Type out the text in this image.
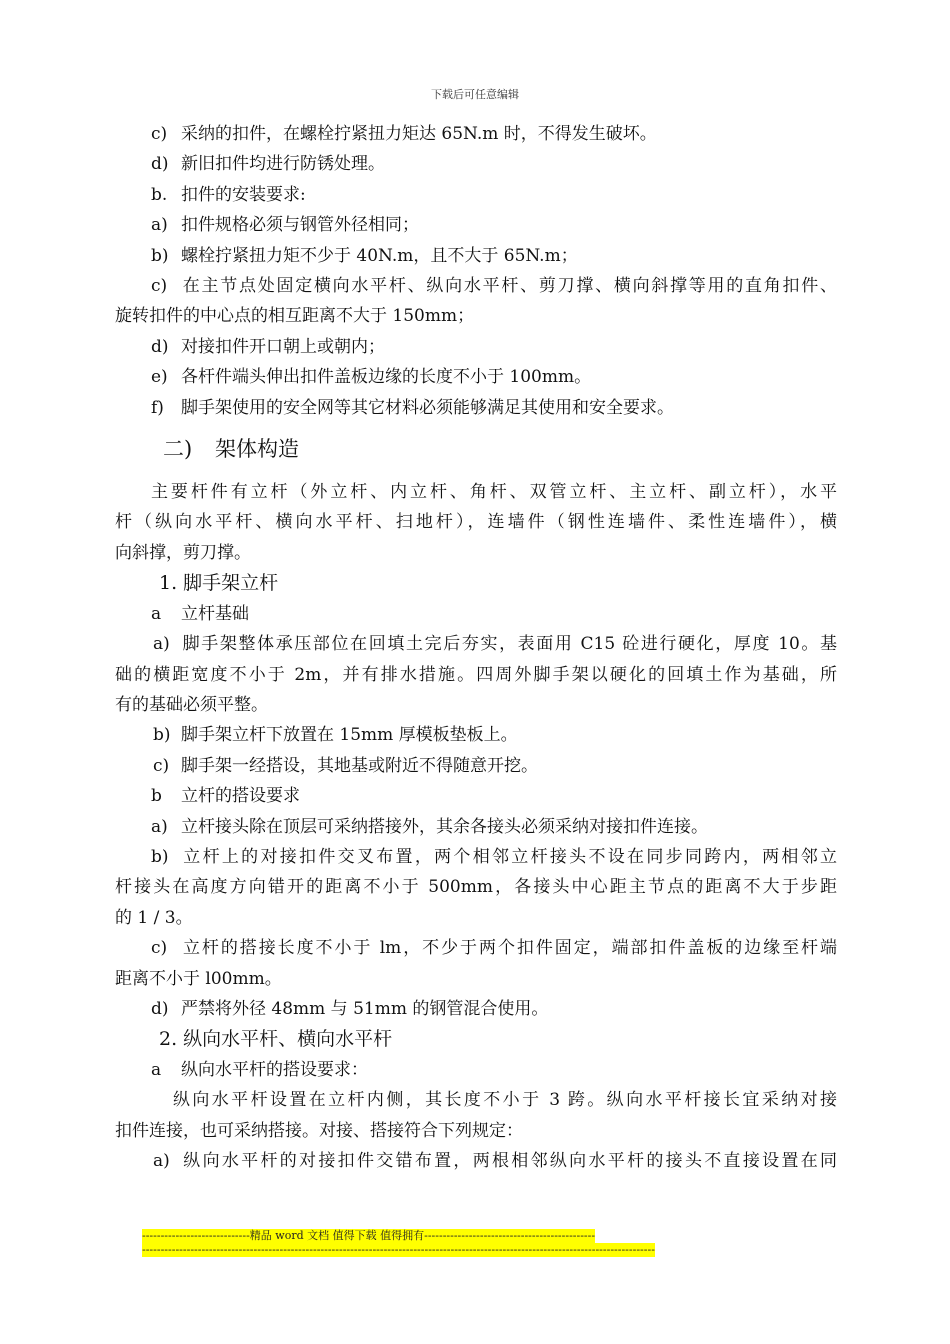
下载后可任意编辑
c) 采纳的扣件，在螺栓拧紧扭力矩达 65N.m 时，不得发生破坏。
d) 新旧扣件均进行防锈处理。
b. 扣件的安装要求:
a) 扣件规格必须与钢管外径相同；
b) 螺栓拧紧扭力矩不少于 40N.m，且不大于 65N.m；
c) 在主节点处固定横向水平杆、纵向水平杆、剪刀撑、横向斜撑等用的直角扣件、
旋转扣件的中心点的相互距离不大于 150mm；
d) 对接扣件开口朝上或朝内；
e) 各杆件端头伸出扣件盖板边缘的长度不小于 100mm。
f) 脚手架使用的安全网等其它材料必须能够满足其使用和安全要求。
二) 架体构造
主要杆件有立杆（外立杆、内立杆、角杆、双管立杆、主立杆、副立杆），水平
杆（纵向水平杆、横向水平杆、扫地杆），连墙件（钢性连墙件、柔性连墙件），横
向斜撑，剪刀撑。
1. 脚手架立杆
a 立杆基础
a) 脚手架整体承压部位在回填土完后夯实，表面用 C15 砼进行硬化，厚度 10。基
础的横距宽度不小于 2m，并有排水措施。四周外脚手架以硬化的回填土作为基础，所
有的基础必须平整。
b) 脚手架立杆下放置在 15mm 厚模板垫板上。
c) 脚手架一经搭设，其地基或附近不得随意开挖。
b 立杆的搭设要求
a) 立杆接头除在顶层可采纳搭接外，其余各接头必须采纳对接扣件连接。
b) 立杆上的对接扣件交叉布置，两个相邻立杆接头不设在同步同跨内，两相邻立
杆接头在高度方向错开的距离不小于 500mm，各接头中心距主节点的距离不大于步距
的 1 / 3。
c) 立杆的搭接长度不小于 lm，不少于两个扣件固定，端部扣件盖板的边缘至杆端
距离不小于 l00mm。
d) 严禁将外径 48mm 与 51mm 的钢管混合使用。
2. 纵向水平杆、横向水平杆
a 纵向水平杆的搭设要求：
纵向水平杆设置在立杆内侧，其长度不小于 3 跨。纵向水平杆接长宜采纳对接
扣件连接，也可采纳搭接。对接、搭接符合下列规定：
a) 纵向水平杆的对接扣件交错布置，两根相邻纵向水平杆的接头不直接设置在同
-----------------------------精品 word 文档 值得下载 值得拥有----------------------------------------------
------------------------------------------------------------------------------------------------------------------------------------------
